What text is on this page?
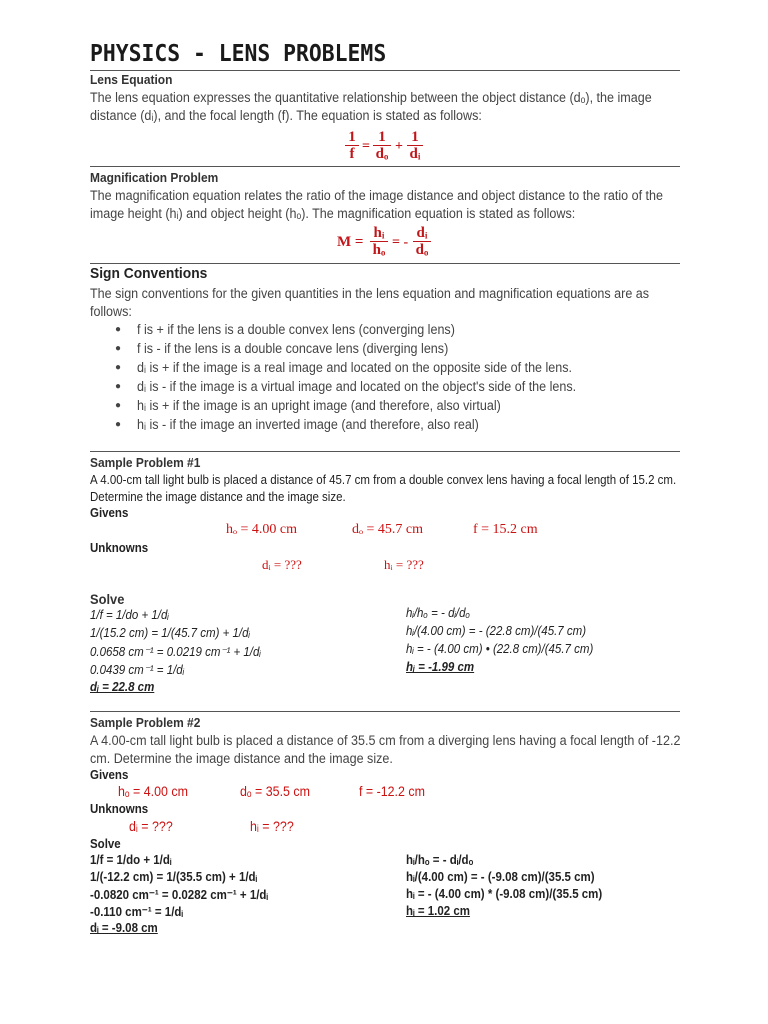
PHYSICS - LENS PROBLEMS
Lens Equation
The lens equation expresses the quantitative relationship between the object distance (dₒ), the image
distance (dᵢ), and the focal length (f). The equation is stated as follows:
1
f =
1
dₒ +
1
dᵢ
Magnification Problem
The magnification equation relates the ratio of the image distance and object distance to the ratio of the
image height (hᵢ) and object height (hₒ). The magnification equation is stated as follows:
M =
hᵢ
hₒ = -
dᵢ
dₒ
Sign Conventions
The sign conventions for the given quantities in the lens equation and magnification equations are as
follows:
● f is + if the lens is a double convex lens (converging lens)
● f is - if the lens is a double concave lens (diverging lens)
● dᵢ is + if the image is a real image and located on the opposite side of the lens.
● dᵢ is - if the image is a virtual image and located on the object's side of the lens.
● hᵢ is + if the image is an upright image (and therefore, also virtual)
● hᵢ is - if the image an inverted image (and therefore, also real)
Sample Problem #1
A 4.00-cm tall light bulb is placed a distance of 45.7 cm from a double convex lens having a focal length of 15.2 cm.
Determine the image distance and the image size.
Givens
hₒ = 4.00 cm	dₒ = 45.7 cm	f = 15.2 cm
Unknowns
dᵢ = ???	hᵢ = ???
Solve
1/f = 1/do + 1/dᵢ
1/(15.2 cm) = 1/(45.7 cm) + 1/dᵢ
0.0658 cm⁻¹ = 0.0219 cm⁻¹ + 1/dᵢ
0.0439 cm⁻¹ = 1/dᵢ
dᵢ = 22.8 cm
hᵢ/hₒ = - dᵢ/dₒ
hᵢ/(4.00 cm) = - (22.8 cm)/(45.7 cm)
hᵢ = - (4.00 cm) • (22.8 cm)/(45.7 cm)
hᵢ = -1.99 cm
Sample Problem #2
A 4.00-cm tall light bulb is placed a distance of 35.5 cm from a diverging lens having a focal length of -12.2
cm. Determine the image distance and the image size.
Givens
hₒ = 4.00 cm	dₒ = 35.5 cm	f = -12.2 cm
Unknowns
dᵢ = ???	hᵢ = ???
Solve
1/f = 1/do + 1/dᵢ
1/(-12.2 cm) = 1/(35.5 cm) + 1/dᵢ
-0.0820 cm⁻¹ = 0.0282 cm⁻¹ + 1/dᵢ
-0.110 cm⁻¹ = 1/dᵢ
dᵢ = -9.08 cm
hᵢ/hₒ = - dᵢ/dₒ
hᵢ/(4.00 cm) = - (-9.08 cm)/(35.5 cm)
hᵢ = - (4.00 cm) * (-9.08 cm)/(35.5 cm)
hᵢ = 1.02 cm
